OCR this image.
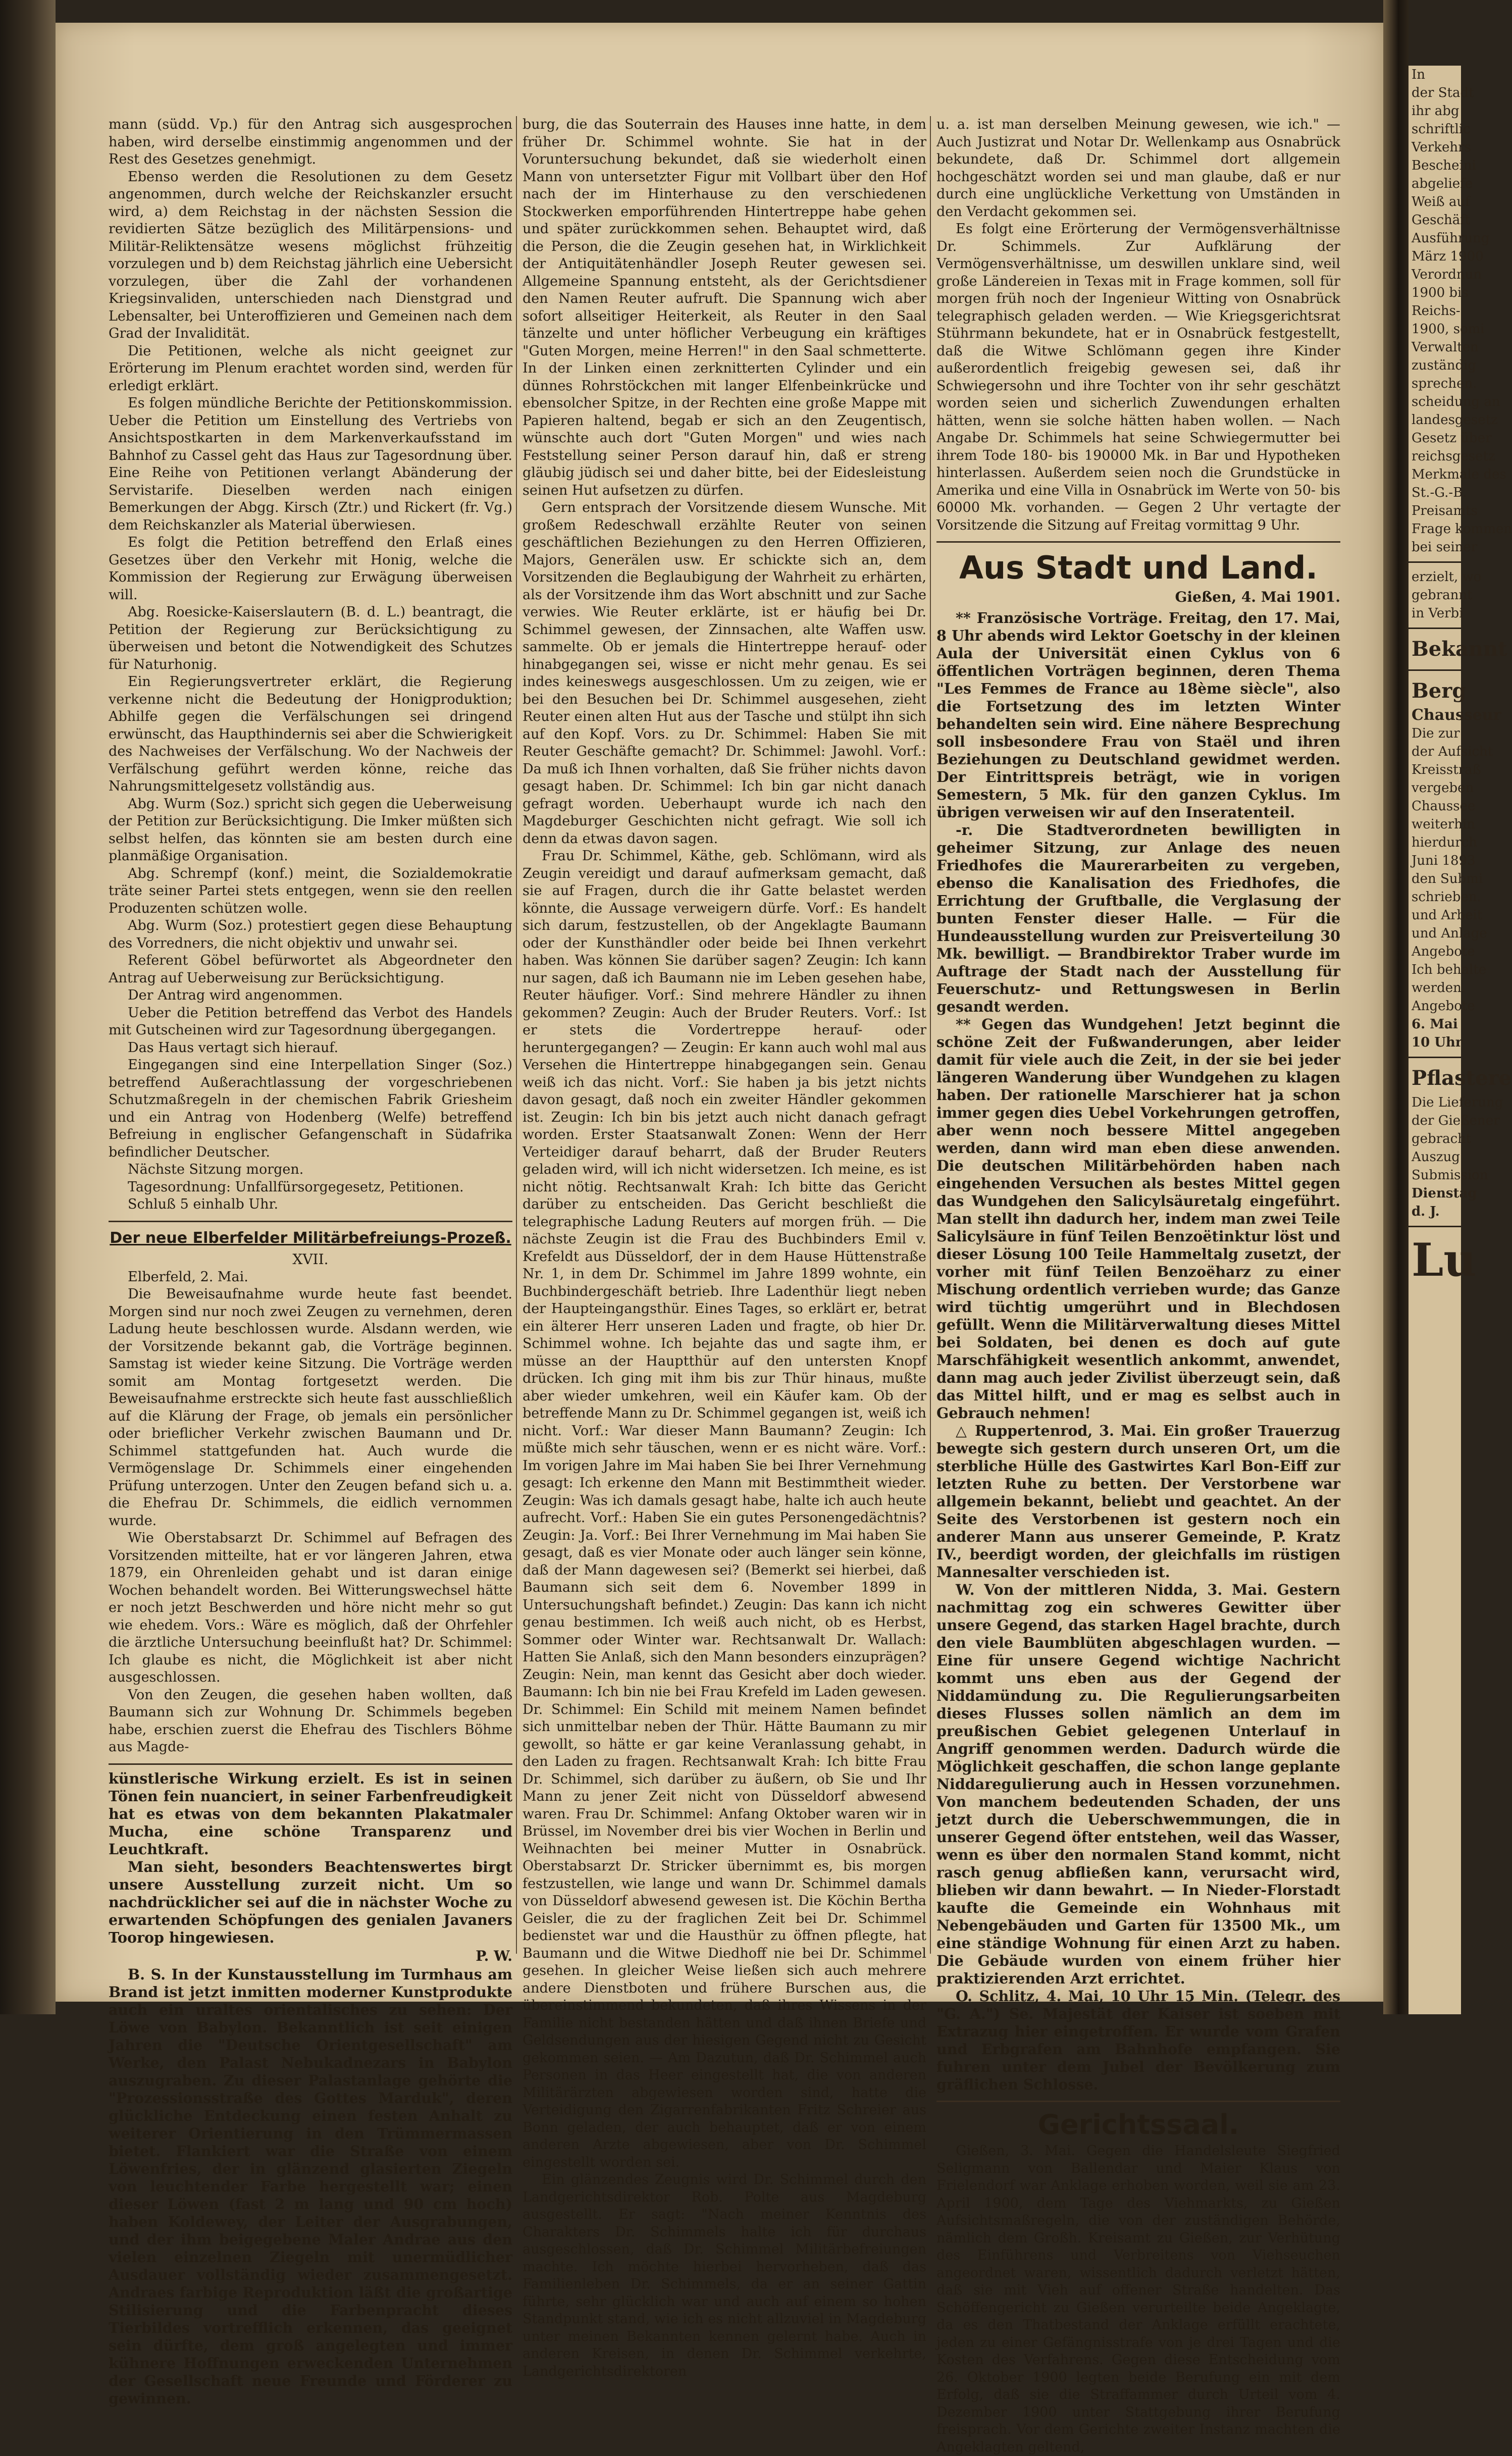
mann (südd. Vp.) für den Antrag sich ausgesprochen haben, wird derselbe einstimmig angenommen und der Rest des Gesetzes genehmigt.

Ebenso werden die Resolutionen zu dem Gesetz angenommen, durch welche der Reichskanzler ersucht wird, a) dem Reichstag in der nächsten Session die revidierten Sätze bezüglich des Militärpensions- und Militär-Reliktensätze wesens möglichst frühzeitig vorzulegen und b) dem Reichstag jährlich eine Uebersicht vorzulegen, über die Zahl der vorhandenen Kriegsinvaliden, unterschieden nach Dienstgrad und Lebensalter, bei Unteroffizieren und Gemeinen nach dem Grad der Invalidität.

Die Petitionen, welche als nicht geeignet zur Erörterung im Plenum erachtet worden sind, werden für erledigt erklärt.

Es folgen mündliche Berichte der Petitionskommission. Ueber die Petition um Einstellung des Vertriebs von Ansichtspostkarten in dem Markenverkaufsstand im Bahnhof zu Cassel geht das Haus zur Tagesordnung über. Eine Reihe von Petitionen verlangt Abänderung der Servistarife. Dieselben werden nach einigen Bemerkungen der Abgg. Kirsch (Ztr.) und Rickert (fr. Vg.) dem Reichskanzler als Material überwiesen.

Es folgt die Petition betreffend den Erlaß eines Gesetzes über den Verkehr mit Honig, welche die Kommission der Regierung zur Erwägung überweisen will.

Abg. Roesicke-Kaiserslautern (B. d. L.) beantragt, die Petition der Regierung zur Berücksichtigung zu überweisen und betont die Notwendigkeit des Schutzes für Naturhonig.

Ein Regierungsvertreter erklärt, die Regierung verkenne nicht die Bedeutung der Honigproduktion; Abhilfe gegen die Verfälschungen sei dringend erwünscht, das Haupthindernis sei aber die Schwierigkeit des Nachweises der Verfälschung. Wo der Nachweis der Verfälschung geführt werden könne, reiche das Nahrungsmittelgesetz vollständig aus.

Abg. Wurm (Soz.) spricht sich gegen die Ueberweisung der Petition zur Berücksichtigung. Die Imker müßten sich selbst helfen, das könnten sie am besten durch eine planmäßige Organisation.

Abg. Schrempf (konf.) meint, die Sozialdemokratie träte seiner Partei stets entgegen, wenn sie den reellen Produzenten schützen wolle.

Abg. Wurm (Soz.) protestiert gegen diese Behauptung des Vorredners, die nicht objektiv und unwahr sei.

Referent Göbel befürwortet als Abgeordneter den Antrag auf Ueberweisung zur Berücksichtigung.

Der Antrag wird angenommen.

Ueber die Petition betreffend das Verbot des Handels mit Gutscheinen wird zur Tagesordnung übergegangen.

Das Haus vertagt sich hierauf.

Eingegangen sind eine Interpellation Singer (Soz.) betreffend Außerachtlassung der vorgeschriebenen Schutzmaßregeln in der chemischen Fabrik Griesheim und ein Antrag von Hodenberg (Welfe) betreffend Befreiung in englischer Gefangenschaft in Südafrika befindlicher Deutscher.

Nächste Sitzung morgen.

Tagesordnung: Unfallfürsorgegesetz, Petitionen.

Schluß 5 einhalb Uhr.

Der neue Elberfelder Militärbefreiungs-Prozeß.

XVII.

Elberfeld, 2. Mai.

Die Beweisaufnahme wurde heute fast beendet. Morgen sind nur noch zwei Zeugen zu vernehmen, deren Ladung heute beschlossen wurde. Alsdann werden, wie der Vorsitzende bekannt gab, die Vorträge beginnen. Samstag ist wieder keine Sitzung. Die Vorträge werden somit am Montag fortgesetzt werden. Die Beweisaufnahme erstreckte sich heute fast ausschließlich auf die Klärung der Frage, ob jemals ein persönlicher oder brieflicher Verkehr zwischen Baumann und Dr. Schimmel stattgefunden hat. Auch wurde die Vermögenslage Dr. Schimmels einer eingehenden Prüfung unterzogen. Unter den Zeugen befand sich u. a. die Ehefrau Dr. Schimmels, die eidlich vernommen wurde.

Wie Oberstabsarzt Dr. Schimmel auf Befragen des Vorsitzenden mitteilte, hat er vor längeren Jahren, etwa 1879, ein Ohrenleiden gehabt und ist daran einige Wochen behandelt worden. Bei Witterungswechsel hätte er noch jetzt Beschwerden und höre nicht mehr so gut wie ehedem. Vors.: Wäre es möglich, daß der Ohrfehler die ärztliche Untersuchung beeinflußt hat? Dr. Schimmel: Ich glaube es nicht, die Möglichkeit ist aber nicht ausgeschlossen.

Von den Zeugen, die gesehen haben wollten, daß Baumann sich zur Wohnung Dr. Schimmels begeben habe, erschien zuerst die Ehefrau des Tischlers Böhme aus Magde-

künstlerische Wirkung erzielt. Es ist in seinen Tönen fein nuanciert, in seiner Farbenfreudigkeit hat es etwas von dem bekannten Plakatmaler Mucha, eine schöne Transparenz und Leuchtkraft.

Man sieht, besonders Beachtenswertes birgt unsere Ausstellung zurzeit nicht. Um so nachdrücklicher sei auf die in nächster Woche zu erwartenden Schöpfungen des genialen Javaners Toorop hingewiesen.

P. W.

B. S. In der Kunstausstellung im Turmhaus am Brand ist jetzt inmitten moderner Kunstprodukte auch ein uraltes orientalisches zu sehen: Der Löwe von Babylon. Bekanntlich ist seit einigen Jahren die "Deutsche Orientgesellschaft" am Werke, den Palast Nebukadnezars in Babylon auszugraben. Zu dieser Palastanlage gehörte die "Prozessionsstraße des Gottes Marduk", deren glückliche Entdeckung einen festen Anhalt zu weiterer Orientierung in den Trümmermassen bietet. Flankiert war die Straße von einem Löwenfries, der in glänzend glasierten Ziegeln von leuchtender Farbe hergestellt war; einen dieser Löwen (fast 2 m lang und 90 cm hoch) haben Koldewey, der Leiter der Ausgrabungen, und der ihm beigegebene Maler Andrae aus den vielen einzelnen Ziegeln mit unermüdlicher Ausdauer vollständig wieder zusammengesetzt. Andraes farbige Reproduktion läßt die großartige Stilisierung und die Farbenpracht dieses Tierbildes vortrefflich erkennen, das geeignet sein dürfte, dem groß angelegten und immer kühnere Hoffnungen erweckenden Unternehmen der Gesellschaft neue Freunde und Förderer zu gewinnen.

burg, die das Souterrain des Hauses inne hatte, in dem früher Dr. Schimmel wohnte. Sie hat in der Voruntersuchung bekundet, daß sie wiederholt einen Mann von untersetzter Figur mit Vollbart über den Hof nach der im Hinterhause zu den verschiedenen Stockwerken emporführenden Hintertreppe habe gehen und später zurückkommen sehen. Behauptet wird, daß die Person, die die Zeugin gesehen hat, in Wirklichkeit der Antiquitätenhändler Joseph Reuter gewesen sei. Allgemeine Spannung entsteht, als der Gerichtsdiener den Namen Reuter aufruft. Die Spannung wich aber sofort allseitiger Heiterkeit, als Reuter in den Saal tänzelte und unter höflicher Verbeugung ein kräftiges "Guten Morgen, meine Herren!" in den Saal schmetterte. In der Linken einen zerknitterten Cylinder und ein dünnes Rohrstöckchen mit langer Elfenbeinkrücke und ebensolcher Spitze, in der Rechten eine große Mappe mit Papieren haltend, begab er sich an den Zeugentisch, wünschte auch dort "Guten Morgen" und wies nach Feststellung seiner Person darauf hin, daß er streng gläubig jüdisch sei und daher bitte, bei der Eidesleistung seinen Hut aufsetzen zu dürfen.

Gern entsprach der Vorsitzende diesem Wunsche. Mit großem Redeschwall erzählte Reuter von seinen geschäftlichen Beziehungen zu den Herren Offizieren, Majors, Generälen usw. Er schickte sich an, dem Vorsitzenden die Beglaubigung der Wahrheit zu erhärten, als der Vorsitzende ihm das Wort abschnitt und zur Sache verwies. Wie Reuter erklärte, ist er häufig bei Dr. Schimmel gewesen, der Zinnsachen, alte Waffen usw. sammelte. Ob er jemals die Hintertreppe herauf- oder hinabgegangen sei, wisse er nicht mehr genau. Es sei indes keineswegs ausgeschlossen. Um zu zeigen, wie er bei den Besuchen bei Dr. Schimmel ausgesehen, zieht Reuter einen alten Hut aus der Tasche und stülpt ihn sich auf den Kopf. Vors. zu Dr. Schimmel: Haben Sie mit Reuter Geschäfte gemacht? Dr. Schimmel: Jawohl. Vorf.: Da muß ich Ihnen vorhalten, daß Sie früher nichts davon gesagt haben. Dr. Schimmel: Ich bin gar nicht danach gefragt worden. Ueberhaupt wurde ich nach den Magdeburger Geschichten nicht gefragt. Wie soll ich denn da etwas davon sagen.

Frau Dr. Schimmel, Käthe, geb. Schlömann, wird als Zeugin vereidigt und darauf aufmerksam gemacht, daß sie auf Fragen, durch die ihr Gatte belastet werden könnte, die Aussage verweigern dürfe. Vorf.: Es handelt sich darum, festzustellen, ob der Angeklagte Baumann oder der Kunsthändler oder beide bei Ihnen verkehrt haben. Was können Sie darüber sagen? Zeugin: Ich kann nur sagen, daß ich Baumann nie im Leben gesehen habe, Reuter häufiger. Vorf.: Sind mehrere Händler zu ihnen gekommen? Zeugin: Auch der Bruder Reuters. Vorf.: Ist er stets die Vordertreppe herauf- oder heruntergegangen? — Zeugin: Er kann auch wohl mal aus Versehen die Hintertreppe hinabgegangen sein. Genau weiß ich das nicht. Vorf.: Sie haben ja bis jetzt nichts davon gesagt, daß noch ein zweiter Händler gekommen ist. Zeugin: Ich bin bis jetzt auch nicht danach gefragt worden. Erster Staatsanwalt Zonen: Wenn der Herr Verteidiger darauf beharrt, daß der Bruder Reuters geladen wird, will ich nicht widersetzen. Ich meine, es ist nicht nötig. Rechtsanwalt Krah: Ich bitte das Gericht darüber zu entscheiden. Das Gericht beschließt die telegraphische Ladung Reuters auf morgen früh. — Die nächste Zeugin ist die Frau des Buchbinders Emil v. Krefeldt aus Düsseldorf, der in dem Hause Hüttenstraße Nr. 1, in dem Dr. Schimmel im Jahre 1899 wohnte, ein Buchbindergeschäft betrieb. Ihre Ladenthür liegt neben der Haupteingangsthür. Eines Tages, so erklärt er, betrat ein älterer Herr unseren Laden und fragte, ob hier Dr. Schimmel wohne. Ich bejahte das und sagte ihm, er müsse an der Hauptthür auf den untersten Knopf drücken. Ich ging mit ihm bis zur Thür hinaus, mußte aber wieder umkehren, weil ein Käufer kam. Ob der betreffende Mann zu Dr. Schimmel gegangen ist, weiß ich nicht. Vorf.: War dieser Mann Baumann? Zeugin: Ich müßte mich sehr täuschen, wenn er es nicht wäre. Vorf.: Im vorigen Jahre im Mai haben Sie bei Ihrer Vernehmung gesagt: Ich erkenne den Mann mit Bestimmtheit wieder. Zeugin: Was ich damals gesagt habe, halte ich auch heute aufrecht. Vorf.: Haben Sie ein gutes Personengedächtnis? Zeugin: Ja. Vorf.: Bei Ihrer Vernehmung im Mai haben Sie gesagt, daß es vier Monate oder auch länger sein könne, daß der Mann dagewesen sei? (Bemerkt sei hierbei, daß Baumann sich seit dem 6. November 1899 in Untersuchungshaft befindet.) Zeugin: Das kann ich nicht genau bestimmen. Ich weiß auch nicht, ob es Herbst, Sommer oder Winter war. Rechtsanwalt Dr. Wallach: Hatten Sie Anlaß, sich den Mann besonders einzuprägen? Zeugin: Nein, man kennt das Gesicht aber doch wieder. Baumann: Ich bin nie bei Frau Krefeld im Laden gewesen. Dr. Schimmel: Ein Schild mit meinem Namen befindet sich unmittelbar neben der Thür. Hätte Baumann zu mir gewollt, so hätte er gar keine Veranlassung gehabt, in den Laden zu fragen. Rechtsanwalt Krah: Ich bitte Frau Dr. Schimmel, sich darüber zu äußern, ob Sie und Ihr Mann zu jener Zeit nicht von Düsseldorf abwesend waren. Frau Dr. Schimmel: Anfang Oktober waren wir in Brüssel, im November drei bis vier Wochen in Berlin und Weihnachten bei meiner Mutter in Osnabrück. Oberstabsarzt Dr. Stricker übernimmt es, bis morgen festzustellen, wie lange und wann Dr. Schimmel damals von Düsseldorf abwesend gewesen ist. Die Köchin Bertha Geisler, die zu der fraglichen Zeit bei Dr. Schimmel bedienstet war und die Hausthür zu öffnen pflegte, hat Baumann und die Witwe Diedhoff nie bei Dr. Schimmel gesehen. In gleicher Weise ließen sich auch mehrere andere Dienstboten und frühere Burschen aus, die übereinstimmend bekundeten, daß ihres Wissens in der Familie nicht bestanden hätten und daß ihnen Briefe und Geldsendungen aus der hiesigen Gegend nicht zu Gesicht gekommen seien. — Am Dazutun, daß Dr. Schimmel auch Personen in das Heer eingestellt hat, die von anderen Militärärzten abgewiesen worden sind, hatte die Verteidigung den Zigarrenfabrikanten Fritz Schreier aus Bonn geladen, der auch behauptet, daß er von einem anderen Arzte abgewiesen, aber von Dr. Schimmel eingestellt worden sei.

Ein glänzendes Zeugnis wird Dr. Schimmel durch den Landgerichtsdirektor Rob. Polte aus Magdeburg ausgestellt. Er sagt: "Nach meiner Kenntnis des Charakters Dr. Schimmels halte ich für durchaus ausgeschlossen, daß Dr. Schimmel Militärbefreiungen machte. Ich möchte hierbei hervorheben, daß das Familienleben Dr. Schimmels, da er an seiner Gattin führte, sehr glücklich war und auch auf einem so hohen Standpunkt stand, wie ich es nicht allzuviel in Magdeburg unter meinen Bekannten kennen gelernt habe. Auch in anderen Kreisen, in denen Dr. Schimmel verkehrte, Landgerichtsdirektoren

u. a. ist man derselben Meinung gewesen, wie ich." — Auch Justizrat und Notar Dr. Wellenkamp aus Osnabrück bekundete, daß Dr. Schimmel dort allgemein hochgeschätzt worden sei und man glaube, daß er nur durch eine unglückliche Verkettung von Umständen in den Verdacht gekommen sei.

Es folgt eine Erörterung der Vermögensverhältnisse Dr. Schimmels. Zur Aufklärung der Vermögensverhältnisse, um deswillen unklare sind, weil große Ländereien in Texas mit in Frage kommen, soll für morgen früh noch der Ingenieur Witting von Osnabrück telegraphisch geladen werden. — Wie Kriegsgerichtsrat Stührmann bekundete, hat er in Osnabrück festgestellt, daß die Witwe Schlömann gegen ihre Kinder außerordentlich freigebig gewesen sei, daß ihr Schwiegersohn und ihre Tochter von ihr sehr geschätzt worden seien und sicherlich Zuwendungen erhalten hätten, wenn sie solche hätten haben wollen. — Nach Angabe Dr. Schimmels hat seine Schwiegermutter bei ihrem Tode 180- bis 190000 Mk. in Bar und Hypotheken hinterlassen. Außerdem seien noch die Grundstücke in Amerika und eine Villa in Osnabrück im Werte von 50- bis 60000 Mk. vorhanden. — Gegen 2 Uhr vertagte der Vorsitzende die Sitzung auf Freitag vormittag 9 Uhr.

Aus Stadt und Land.

Gießen, 4. Mai 1901.

** Französische Vorträge. Freitag, den 17. Mai, 8 Uhr abends wird Lektor Goetschy in der kleinen Aula der Universität einen Cyklus von 6 öffentlichen Vorträgen beginnen, deren Thema "Les Femmes de France au 18ème siècle", also die Fortsetzung des im letzten Winter behandelten sein wird. Eine nähere Besprechung soll insbesondere Frau von Staël und ihren Beziehungen zu Deutschland gewidmet werden. Der Eintrittspreis beträgt, wie in vorigen Semestern, 5 Mk. für den ganzen Cyklus. Im übrigen verweisen wir auf den Inseratenteil.

-r. Die Stadtverordneten bewilligten in geheimer Sitzung, zur Anlage des neuen Friedhofes die Maurerarbeiten zu vergeben, ebenso die Kanalisation des Friedhofes, die Errichtung der Gruftballe, die Verglasung der bunten Fenster dieser Halle. — Für die Hundeausstellung wurden zur Preisverteilung 30 Mk. bewilligt. — Brandbirektor Traber wurde im Auftrage der Stadt nach der Ausstellung für Feuerschutz- und Rettungswesen in Berlin gesandt werden.

** Gegen das Wundgehen! Jetzt beginnt die schöne Zeit der Fußwanderungen, aber leider damit für viele auch die Zeit, in der sie bei jeder längeren Wanderung über Wundgehen zu klagen haben. Der rationelle Marschierer hat ja schon immer gegen dies Uebel Vorkehrungen getroffen, aber wenn noch bessere Mittel angegeben werden, dann wird man eben diese anwenden. Die deutschen Militärbehörden haben nach eingehenden Versuchen als bestes Mittel gegen das Wundgehen den Salicylsäuretalg eingeführt. Man stellt ihn dadurch her, indem man zwei Teile Salicylsäure in fünf Teilen Benzoëtinktur löst und dieser Lösung 100 Teile Hammeltalg zusetzt, der vorher mit fünf Teilen Benzoëharz zu einer Mischung ordentlich verrieben wurde; das Ganze wird tüchtig umgerührt und in Blechdosen gefüllt. Wenn die Militärverwaltung dieses Mittel bei Soldaten, bei denen es doch auf gute Marschfähigkeit wesentlich ankommt, anwendet, dann mag auch jeder Zivilist überzeugt sein, daß das Mittel hilft, und er mag es selbst auch in Gebrauch nehmen!

△ Ruppertenrod, 3. Mai. Ein großer Trauerzug bewegte sich gestern durch unseren Ort, um die sterbliche Hülle des Gastwirtes Karl Bon-Eiff zur letzten Ruhe zu betten. Der Verstorbene war allgemein bekannt, beliebt und geachtet. An der Seite des Verstorbenen ist gestern noch ein anderer Mann aus unserer Gemeinde, P. Kratz IV., beerdigt worden, der gleichfalls im rüstigen Mannesalter verschieden ist.

W. Von der mittleren Nidda, 3. Mai. Gestern nachmittag zog ein schweres Gewitter über unsere Gegend, das starken Hagel brachte, durch den viele Baumblüten abgeschlagen wurden. — Eine für unsere Gegend wichtige Nachricht kommt uns eben aus der Gegend der Niddamündung zu. Die Regulierungsarbeiten dieses Flusses sollen nämlich an dem im preußischen Gebiet gelegenen Unterlauf in Angriff genommen werden. Dadurch würde die Möglichkeit geschaffen, die schon lange geplante Niddaregulierung auch in Hessen vorzunehmen. Von manchem bedeutenden Schaden, der uns jetzt durch die Ueberschwemmungen, die in unserer Gegend öfter entstehen, weil das Wasser, wenn es über den normalen Stand kommt, nicht rasch genug abfließen kann, verursacht wird, blieben wir dann bewahrt. — In Nieder-Florstadt kaufte die Gemeinde ein Wohnhaus mit Nebengebäuden und Garten für 13500 Mk., um eine ständige Wohnung für einen Arzt zu haben. Die Gebäude wurden von einem früher hier praktizierenden Arzt errichtet.

O. Schlitz, 4. Mai, 10 Uhr 15 Min. (Telegr. des "G. A.") Se. Majestät der Kaiser ist soeben mit Extrazug hier eingetroffen. Er wurde vom Grafen und Erbgrafen am Bahnhofe empfangen. Sie fuhren unter dem Jubel der Bevölkerung zum gräflichen Schlosse.

Gerichtssaal.

Gießen, 3. Mai. Gegen die Handelsleute Siegfried Seligmann von Ballendar und Maier Klaus von Frielendorf war Anklage erhoben worden, weil sie am 23. April 1900, dem Tage des Viehmarkts, zu Gießen Aufsichtsmaßregeln, die von der zuständigen Behörde, nämlich dem Großh. Kreisamt zu Gießen, zur Verhütung des Einführens und Verbreitens von Viehseuchen angeordnet waren, wissentlich dadurch verletzt hätten, daß sie mit Vieh auf offener Straße handelten. Das Schöffengericht zu Gießen verurteilte beide Angeklagte, da es den Thatbestand der Anklage erfüllt erachtete, jeden zu einer Gefängnisstrafe von je drei Tagen und die Kosten des Verfahrens. Gegen diese Entscheidung vom 26. Oktober 1900 legten beide Berufung ein mit dem Erfolg, daß sie die Straffammer durch Urteil vom 4. Dezember 1900 unter Stattgebung ihrer Berufung freisprach. Vor dem Gerichte zweiter Instanz machten die Angeklagten geltend,

In
der Stadt
ihr abg
schriftlic
Verkehrs
Bescheini
abgeliefe
Weiß auf
Geschäft
Ausführung
März 1900
Verordnun
1900 bis
Reichs-
1900, somi
Verwalten
zuständig
sprechen.
scheidung an
landesgesetz
Gesetz über
reichsgesetz
Merkmale des
St.-G.-B.
Preisamts
Frage kommen
bei seiner
erzielt, wo
gebrannt
in Verbi
Bekannt
Berg
Chausseur
Die zur
der Aufsicht
Kreisstraß
vergeben
Chaussee
weiterhin
hierdurch
Juni 1893
den Submi
schrieben.
und Arbeit
und Anlage
Angebote
Ich behalte
werden.
Angebote
6. Mai
10 Uhr
Pflastere
Die Lieferung
der Gießener
gebracht
Auszug
Submission
Dienstag
d. J.
Lu
